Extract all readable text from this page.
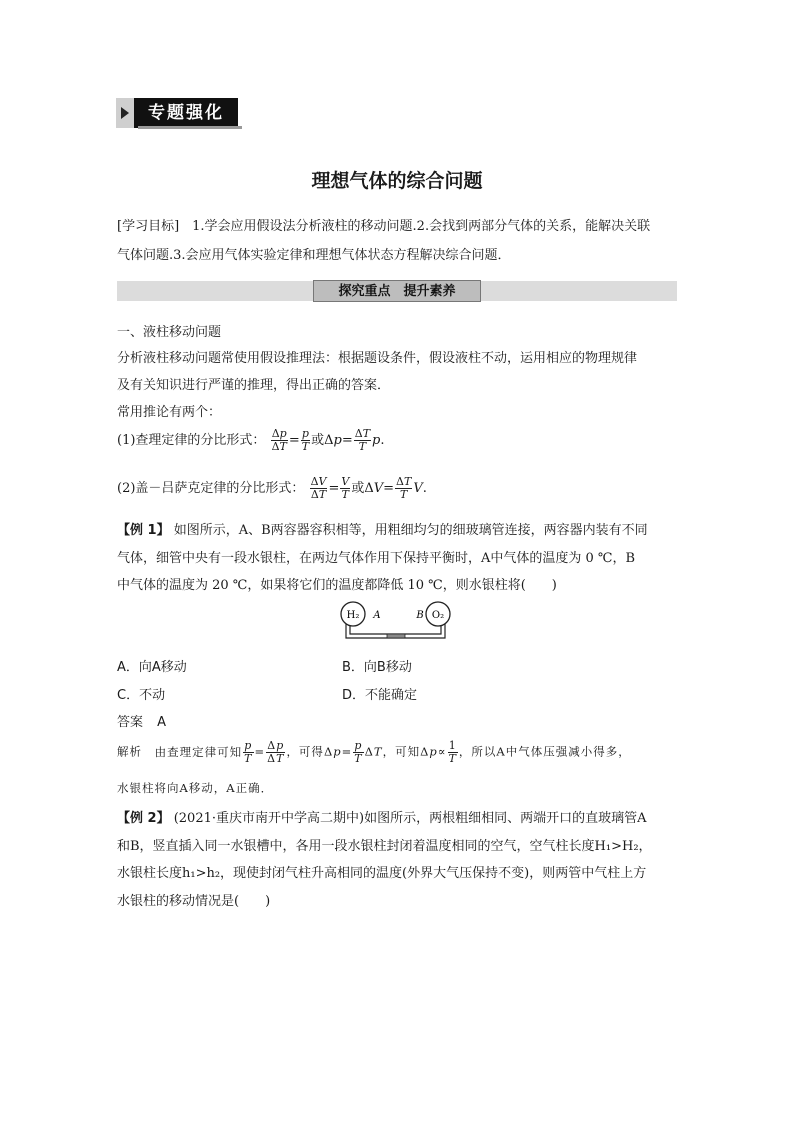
专题强化
理想气体的综合问题
[学习目标]　1.学会应用假设法分析液柱的移动问题.2.会找到两部分气体的关系，能解决关联
气体问题.3.会应用气体实验定律和理想气体状态方程解决综合问题．
探究重点　提升素养
一、液柱移动问题
分析液柱移动问题常使用假设推理法：根据题设条件，假设液柱不动，运用相应的物理规律
及有关知识进行严谨的推理，得出正确的答案．
常用推论有两个：
(1)查理定律的分比形式： $\frac{\Delta p}{\Delta T} = \frac{p}{T}$ 或$\Delta p= \frac{\Delta T}{T} p$.
(2)盖－吕萨克定律的分比形式： $\frac{\Delta V}{\Delta T} = \frac{V}{T}$ 或$\Delta V= \frac{\Delta T}{T} V$.
【例 1】 如图所示，A、B两容器容积相等，用粗细均匀的细玻璃管连接，两容器内装有不同
气体，细管中央有一段水银柱，在两边气体作用下保持平衡时，A中气体的温度为 0 ℃，B
中气体的温度为 20 ℃，如果将它们的温度都降低 10 ℃，则水银柱将(　　)
H₂ A	B O₂
A．向A移动	B．向B移动
C．不动	D．不能确定
答案 A
解析 由查理定律可知 $\frac{p}{T} = \frac{\Delta p}{\Delta T}$ ，可得$\Delta p= \frac{p}{T}$ ΔT，可知$\Delta p\propto \frac{1}{T}$ ，所以A中气体压强减小得多，
水银柱将向A移动，A正确．
【例 2】 (2021·重庆市南开中学高二期中)如图所示，两根粗细相同、两端开口的直玻璃管A
和B，竖直插入同一水银槽中，各用一段水银柱封闭着温度相同的空气，空气柱长度H₁>H₂，
水银柱长度h₁>h₂，现使封闭气柱升高相同的温度(外界大气压保持不变)，则两管中气柱上方
水银柱的移动情况是(　　)
